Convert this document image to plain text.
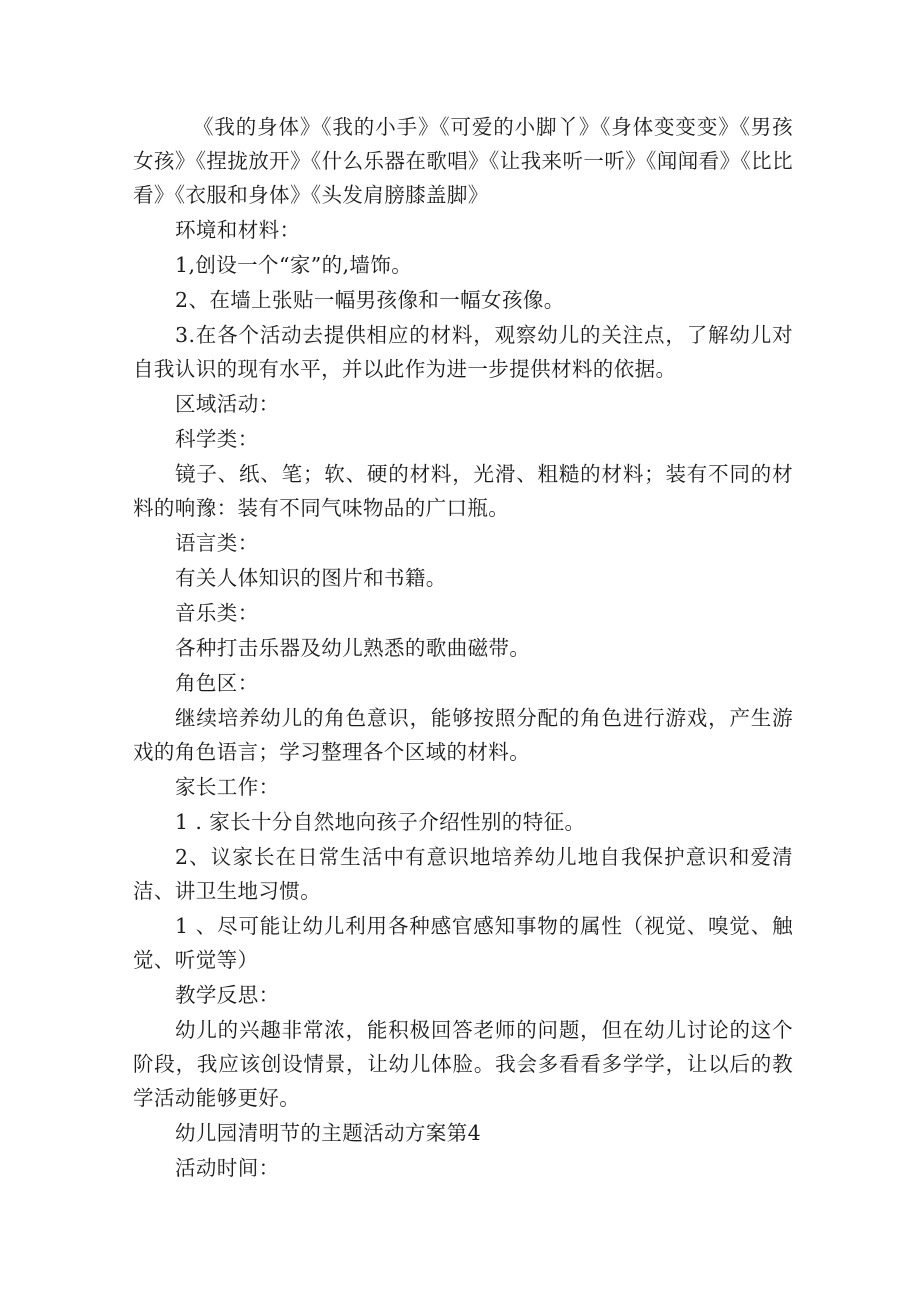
《我的身体》《我的小手》《可爱的小脚丫》《身体变变变》《男孩女孩》《捏拢放开》《什么乐器在歌唱》《让我来听一听》《闻闻看》《比比看》《衣服和身体》《头发肩膀膝盖脚》

环境和材料：

1,创设一个“家”的,墙饰。

2、在墙上张贴一幅男孩像和一幅女孩像。

3.在各个活动去提供相应的材料，观察幼儿的关注点，了解幼儿对自我认识的现有水平，并以此作为进一步提供材料的依据。

区域活动：

科学类：

镜子、纸、笔；软、硬的材料，光滑、粗糙的材料；装有不同的材料的响豫：装有不同气味物品的广口瓶。

语言类：

有关人体知识的图片和书籍。

音乐类：

各种打击乐器及幼儿熟悉的歌曲磁带。

角色区：

继续培养幼儿的角色意识，能够按照分配的角色进行游戏，产生游戏的角色语言；学习整理各个区域的材料。

家长工作：

1 . 家长十分自然地向孩子介绍性别的特征。

2、议家长在日常生活中有意识地培养幼儿地自我保护意识和爱清洁、讲卫生地习惯。

1 、尽可能让幼儿利用各种感官感知事物的属性（视觉、嗅觉、触觉、听觉等）

教学反思：

幼儿的兴趣非常浓，能积极回答老师的问题，但在幼儿讨论的这个阶段，我应该创设情景，让幼儿体脸。我会多看看多学学，让以后的教学活动能够更好。

幼儿园清明节的主题活动方案第4

活动时间：
